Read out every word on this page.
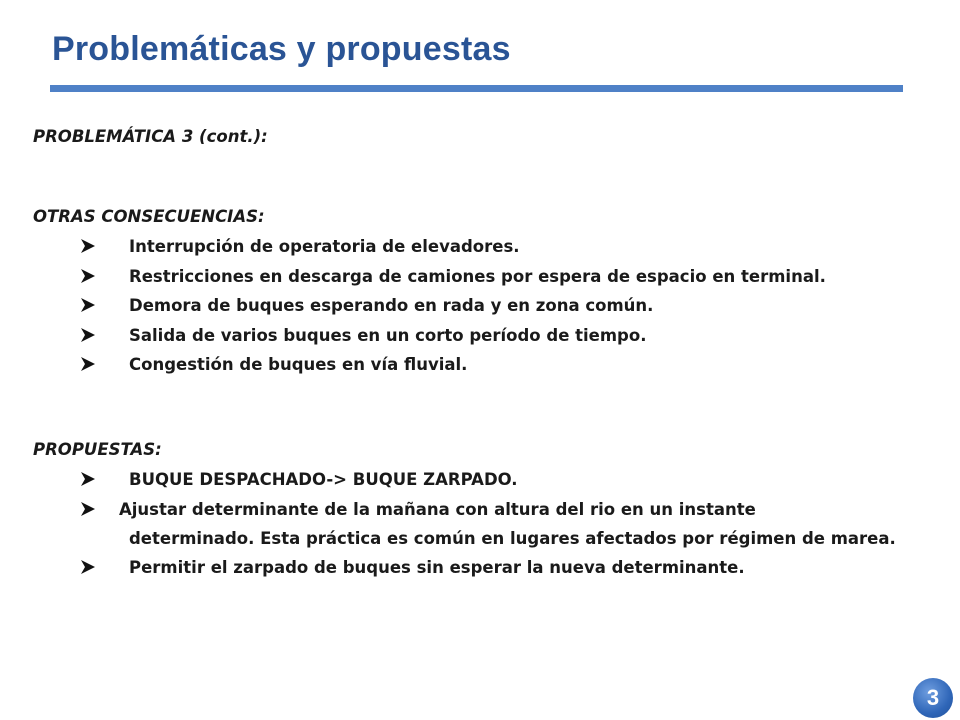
Problemáticas y propuestas

PROBLEMÁTICA 3 (cont.):

OTRAS CONSECUENCIAS:

Interrupción de operatoria de elevadores.
Restricciones en descarga de camiones por espera de espacio en terminal.
Demora de buques esperando en rada y en zona común.
Salida de varios buques en un corto período de tiempo.
Congestión de buques en vía fluvial.

PROPUESTAS:

BUQUE DESPACHADO-> BUQUE ZARPADO.
Ajustar determinante de la mañana con altura del rio en un instante
determinado. Esta práctica es común en lugares afectados por régimen de marea.
Permitir el zarpado de buques sin esperar la nueva determinante.
3
